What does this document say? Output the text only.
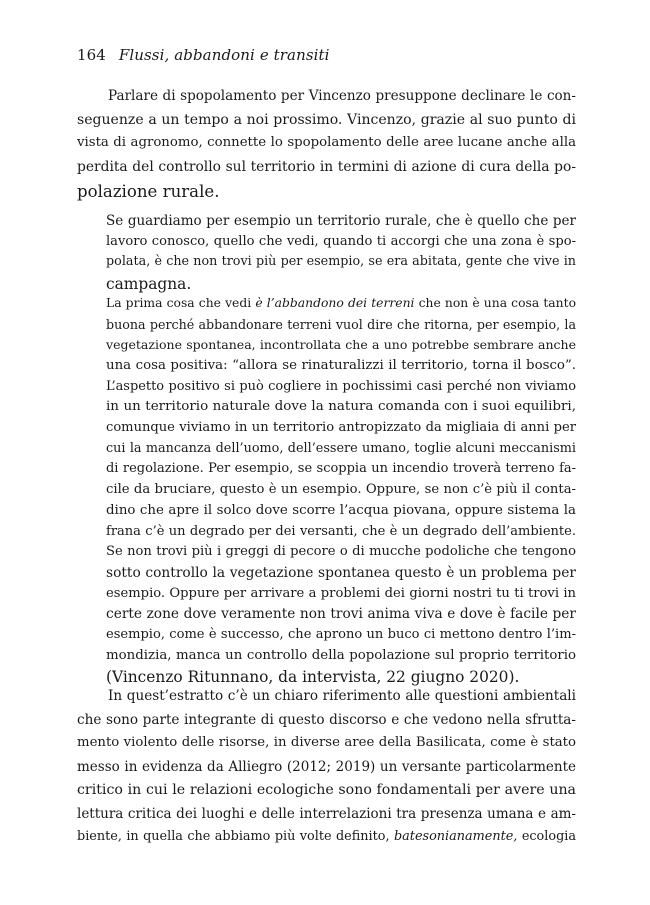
164 Flussi, abbandoni e transiti
Parlare di spopolamento per Vincenzo presuppone declinare le con-
seguenze a un tempo a noi prossimo. Vincenzo, grazie al suo punto di
vista di agronomo, connette lo spopolamento delle aree lucane anche alla
perdita del controllo sul territorio in termini di azione di cura della po-
polazione rurale.
Se guardiamo per esempio un territorio rurale, che è quello che per
lavoro conosco, quello che vedi, quando ti accorgi che una zona è spo-
polata, è che non trovi più per esempio, se era abitata, gente che vive in
campagna.
La prima cosa che vedi è l’abbandono dei terreni che non è una cosa tanto
buona perché abbandonare terreni vuol dire che ritorna, per esempio, la
vegetazione spontanea, incontrollata che a uno potrebbe sembrare anche
una cosa positiva: “allora se rinaturalizzi il territorio, torna il bosco”.
L’aspetto positivo si può cogliere in pochissimi casi perché non viviamo
in un territorio naturale dove la natura comanda con i suoi equilibri,
comunque viviamo in un territorio antropizzato da migliaia di anni per
cui la mancanza dell’uomo, dell’essere umano, toglie alcuni meccanismi
di regolazione. Per esempio, se scoppia un incendio troverà terreno fa-
cile da bruciare, questo è un esempio. Oppure, se non c’è più il conta-
dino che apre il solco dove scorre l’acqua piovana, oppure sistema la
frana c’è un degrado per dei versanti, che è un degrado dell’ambiente.
Se non trovi più i greggi di pecore o di mucche podoliche che tengono
sotto controllo la vegetazione spontanea questo è un problema per
esempio. Oppure per arrivare a problemi dei giorni nostri tu ti trovi in
certe zone dove veramente non trovi anima viva e dove è facile per
esempio, come è successo, che aprono un buco ci mettono dentro l’im-
mondizia, manca un controllo della popolazione sul proprio territorio
(Vincenzo Ritunnano, da intervista, 22 giugno 2020).
In quest’estratto c’è un chiaro riferimento alle questioni ambientali
che sono parte integrante di questo discorso e che vedono nella sfrutta-
mento violento delle risorse, in diverse aree della Basilicata, come è stato
messo in evidenza da Alliegro (2012; 2019) un versante particolarmente
critico in cui le relazioni ecologiche sono fondamentali per avere una
lettura critica dei luoghi e delle interrelazioni tra presenza umana e am-
biente, in quella che abbiamo più volte definito, batesonianamente, ecologia
